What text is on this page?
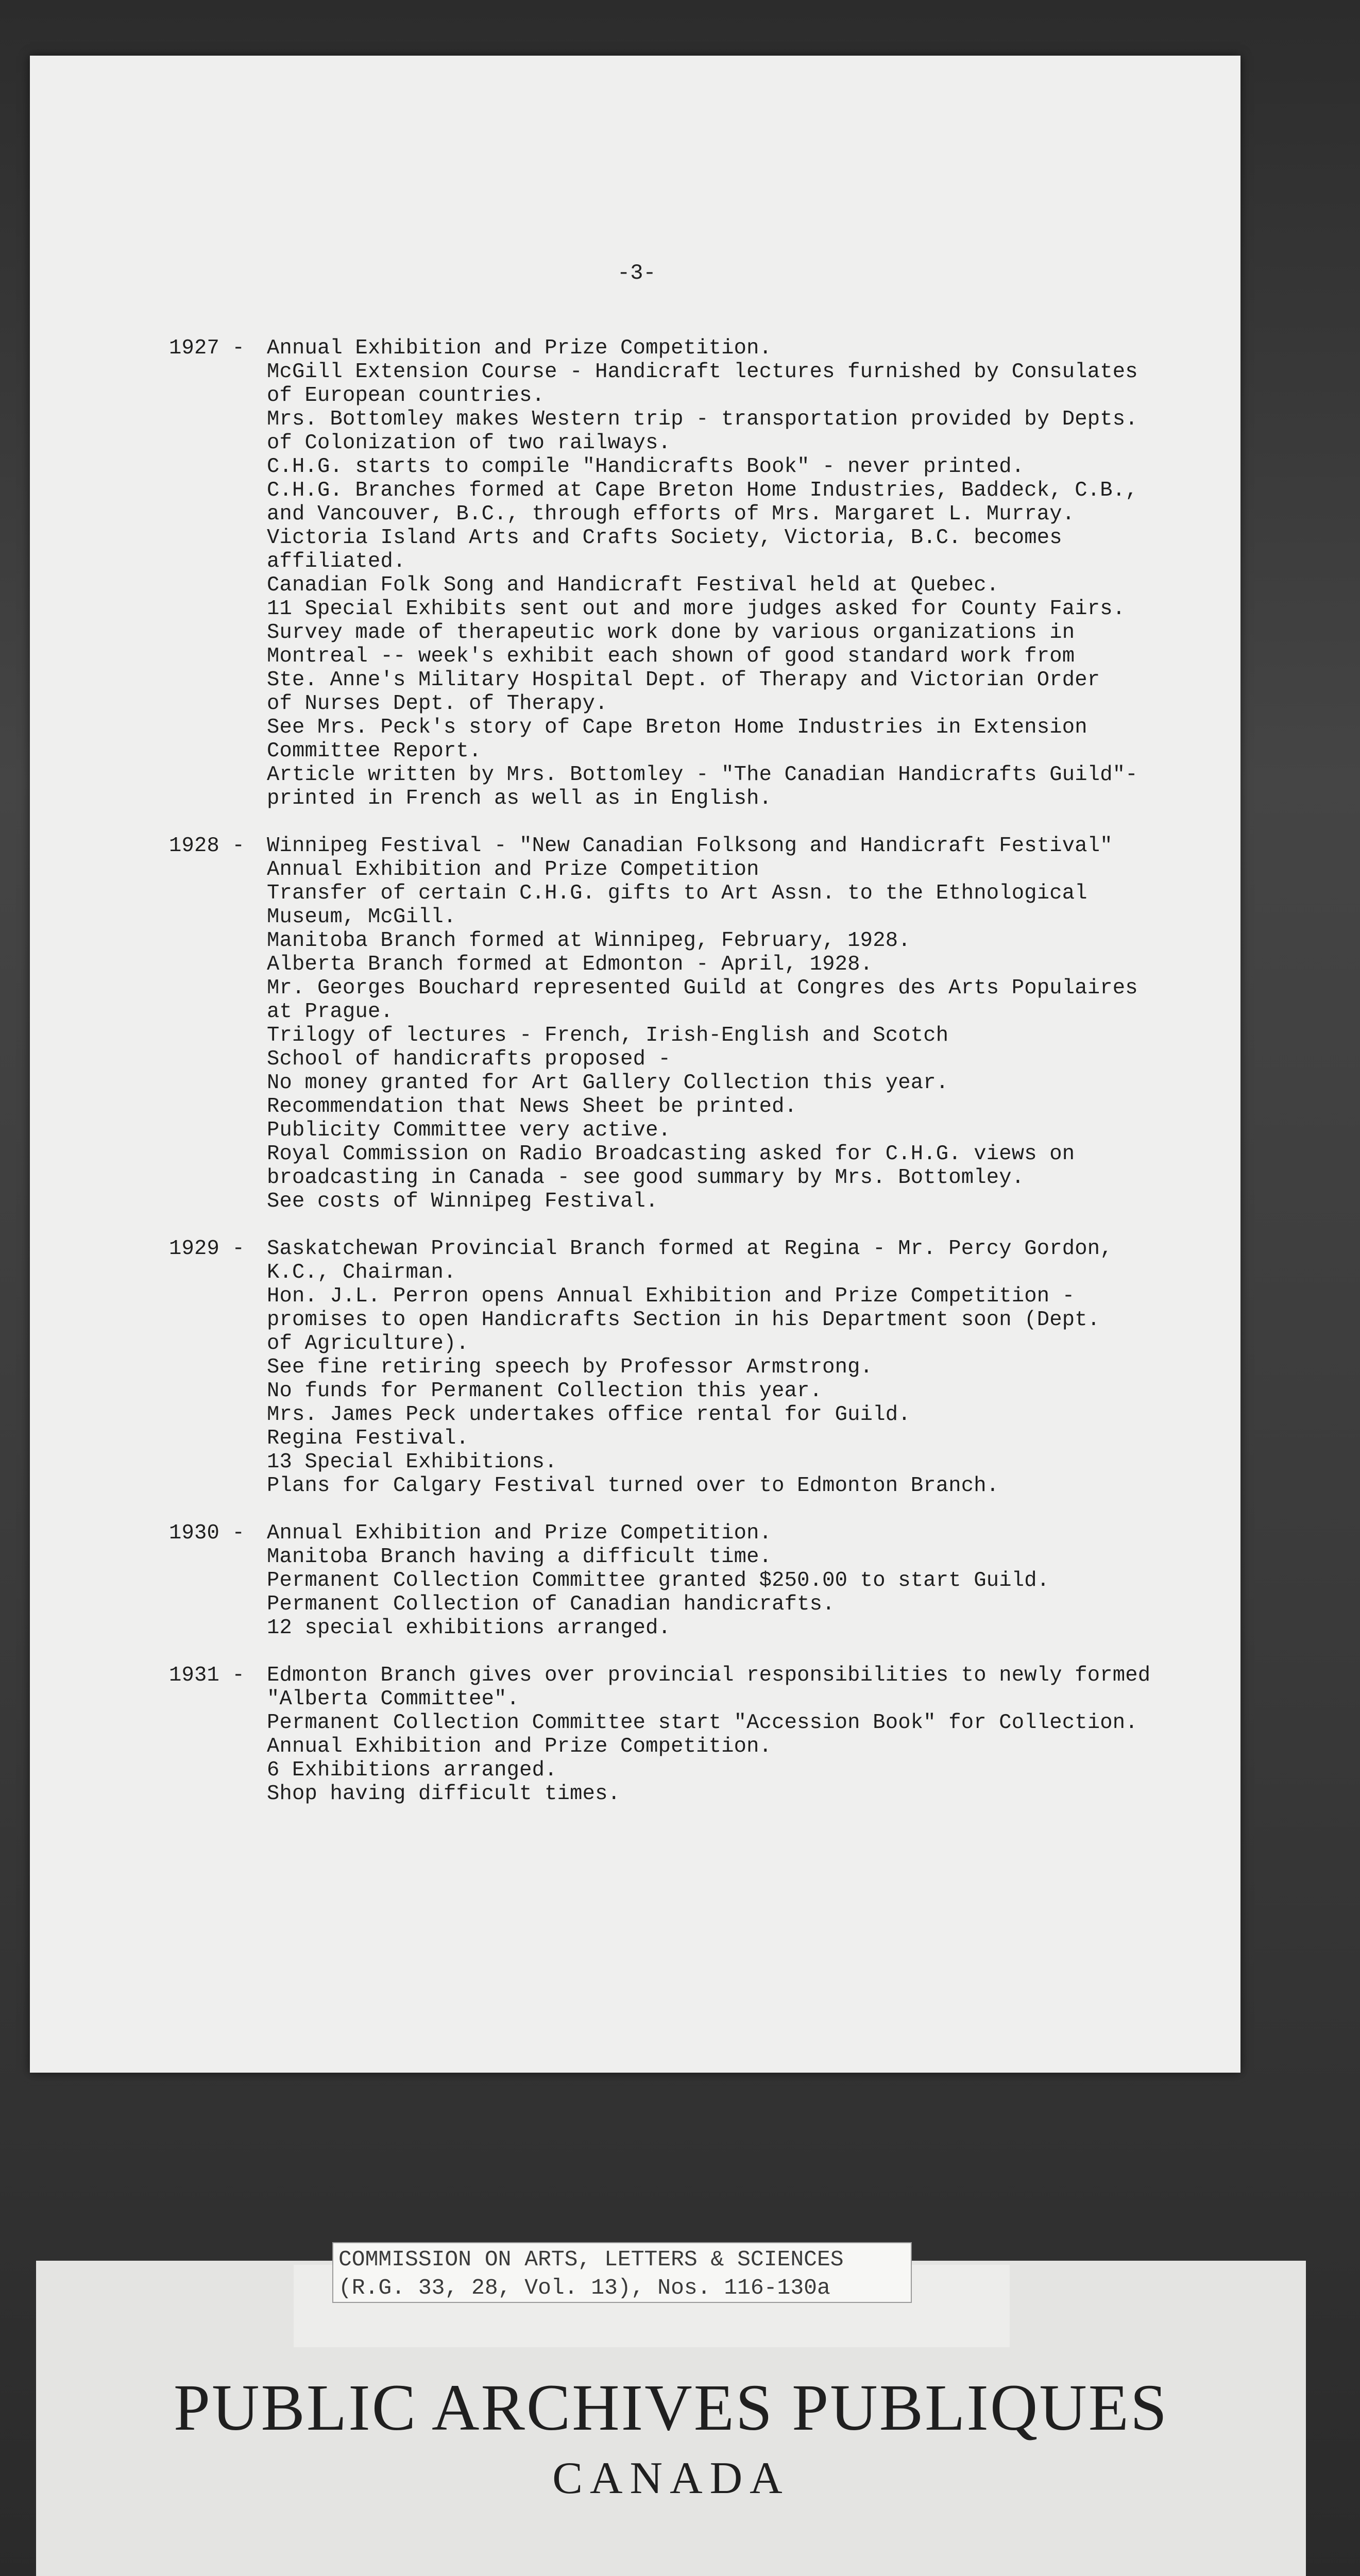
-3-
1927 -	Annual Exhibition and Prize Competition.
McGill Extension Course - Handicraft lectures furnished by Consulates
of European countries.
Mrs. Bottomley makes Western trip - transportation provided by Depts.
of Colonization of two railways.
C.H.G. starts to compile "Handicrafts Book" - never printed.
C.H.G. Branches formed at Cape Breton Home Industries, Baddeck, C.B.,
and Vancouver, B.C., through efforts of Mrs. Margaret L. Murray.
Victoria Island Arts and Crafts Society, Victoria, B.C. becomes
affiliated.
Canadian Folk Song and Handicraft Festival held at Quebec.
11 Special Exhibits sent out and more judges asked for County Fairs.
Survey made of therapeutic work done by various organizations in
Montreal -- week's exhibit each shown of good standard work from
Ste. Anne's Military Hospital Dept. of Therapy and Victorian Order
of Nurses Dept. of Therapy.
See Mrs. Peck's story of Cape Breton Home Industries in Extension
Committee Report.
Article written by Mrs. Bottomley - "The Canadian Handicrafts Guild"-
printed in French as well as in English.
1928 -	Winnipeg Festival - "New Canadian Folksong and Handicraft Festival"
Annual Exhibition and Prize Competition
Transfer of certain C.H.G. gifts to Art Assn. to the Ethnological
Museum, McGill.
Manitoba Branch formed at Winnipeg, February, 1928.
Alberta Branch formed at Edmonton - April, 1928.
Mr. Georges Bouchard represented Guild at Congres des Arts Populaires
at Prague.
Trilogy of lectures - French, Irish-English and Scotch
School of handicrafts proposed -
No money granted for Art Gallery Collection this year.
Recommendation that News Sheet be printed.
Publicity Committee very active.
Royal Commission on Radio Broadcasting asked for C.H.G. views on
broadcasting in Canada - see good summary by Mrs. Bottomley.
See costs of Winnipeg Festival.
1929 -	Saskatchewan Provincial Branch formed at Regina - Mr. Percy Gordon,
K.C., Chairman.
Hon. J.L. Perron opens Annual Exhibition and Prize Competition -
promises to open Handicrafts Section in his Department soon (Dept.
of Agriculture).
See fine retiring speech by Professor Armstrong.
No funds for Permanent Collection this year.
Mrs. James Peck undertakes office rental for Guild.
Regina Festival.
13 Special Exhibitions.
Plans for Calgary Festival turned over to Edmonton Branch.
1930 -	Annual Exhibition and Prize Competition.
Manitoba Branch having a difficult time.
Permanent Collection Committee granted $250.00 to start Guild.
Permanent Collection of Canadian handicrafts.
12 special exhibitions arranged.
1931 -	Edmonton Branch gives over provincial responsibilities to newly formed
"Alberta Committee".
Permanent Collection Committee start "Accession Book" for Collection.
Annual Exhibition and Prize Competition.
6 Exhibitions arranged.
Shop having difficult times.
COMMISSION ON ARTS, LETTERS & SCIENCES
(R.G. 33, 28, Vol. 13), Nos. 116-130a
PUBLIC ARCHIVES PUBLIQUES
CANADA
